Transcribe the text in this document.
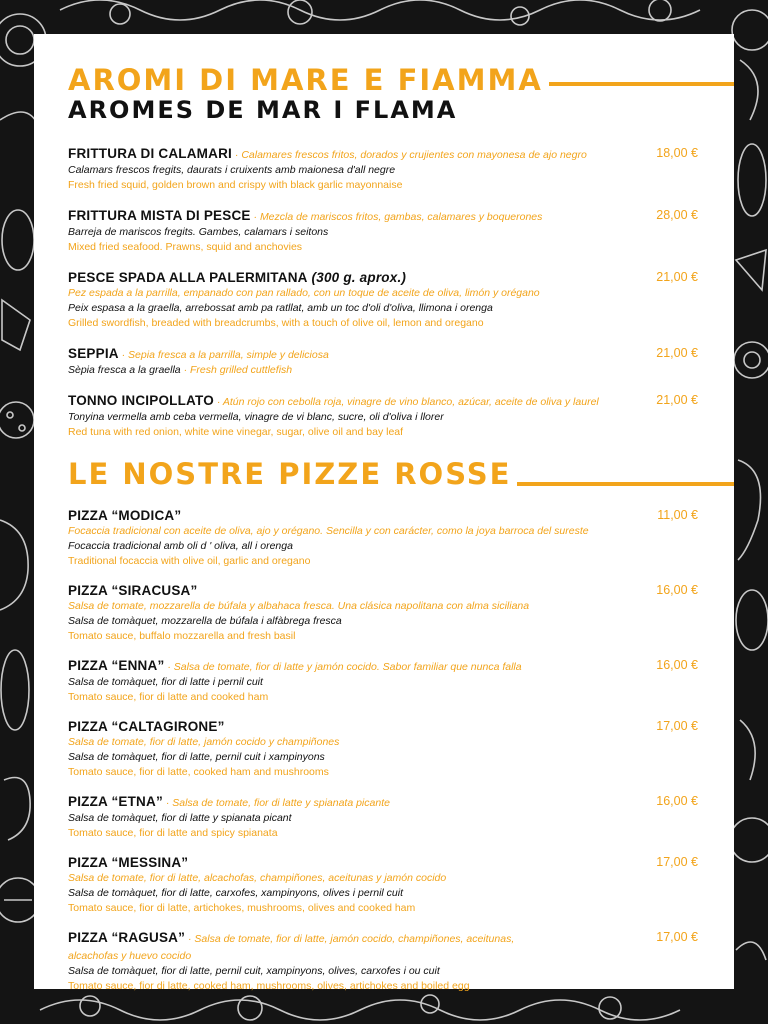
AROMI DI MARE E FIAMMA
AROMES DE MAR I FLAMA
FRITTURA DI CALAMARI · Calamares frescos fritos, dorados y crujientes con mayonesa de ajo negro
Calamars frescos fregits, daurats i cruixents amb maionesa d'all negre
Fresh fried squid, golden brown and crispy with black garlic mayonnaise
18,00 €
FRITTURA MISTA DI PESCE · Mezcla de mariscos fritos, gambas, calamares y boquerones
Barreja de mariscos fregits. Gambes, calamars i seitons
Mixed fried seafood. Prawns, squid and anchovies
28,00 €
PESCE SPADA ALLA PALERMITANA (300 g. aprox.)
Pez espada a la parrilla, empanado con pan rallado, con un toque de aceite de oliva, limón y orégano
Peix espasa a la graella, arrebossat amb pa ratllat, amb un toc d'oli d'oliva, llimona i orenga
Grilled swordfish, breaded with breadcrumbs, with a touch of olive oil, lemon and oregano
21,00 €
SEPPIA · Sepia fresca a la parrilla, simple y deliciosa
Sèpia fresca a la graella · Fresh grilled cuttlefish
21,00 €
TONNO INCIPOLLATO · Atún rojo con cebolla roja, vinagre de vino blanco, azúcar, aceite de oliva y laurel
Tonyina vermella amb ceba vermella, vinagre de vi blanc, sucre, oli d'oliva i llorer
Red tuna with red onion, white wine vinegar, sugar, olive oil and bay leaf
21,00 €
LE NOSTRE PIZZE ROSSE
PIZZA “MODICA”
Focaccia tradicional con aceite de oliva, ajo y orégano. Sencilla y con carácter, como la joya barroca del sureste
Focaccia tradicional amb oli d ' oliva, all i orenga
Traditional focaccia with olive oil, garlic and oregano
11,00 €
PIZZA “SIRACUSA”
Salsa de tomate, mozzarella de búfala y albahaca fresca. Una clásica napolitana con alma siciliana
Salsa de tomàquet, mozzarella de búfala i alfàbrega fresca
Tomato sauce, buffalo mozzarella and fresh basil
16,00 €
PIZZA “ENNA” · Salsa de tomate, fior di latte y jamón cocido. Sabor familiar que nunca falla
Salsa de tomàquet, fior di latte i pernil cuit
Tomato sauce, fior di latte and cooked ham
16,00 €
PIZZA “CALTAGIRONE”
Salsa de tomate, fior di latte, jamón cocido y champiñones
Salsa de tomàquet, fior di latte, pernil cuit i xampinyons
Tomato sauce, fior di latte, cooked ham and mushrooms
17,00 €
PIZZA “ETNA” · Salsa de tomate, fior di latte y spianata picante
Salsa de tomàquet, fior di latte y spianata picant
Tomato sauce, fior di latte and spicy spianata
16,00 €
PIZZA “MESSINA”
Salsa de tomate, fior di latte, alcachofas, champiñones, aceitunas y jamón cocido
Salsa de tomàquet, fior di latte, carxofes, xampinyons, olives i pernil cuit
Tomato sauce, fior di latte, artichokes, mushrooms, olives and cooked ham
17,00 €
PIZZA “RAGUSA” · Salsa de tomate, fior di latte, jamón cocido, champiñones, aceitunas, alcachofas y huevo cocido
Salsa de tomàquet, fior di latte, pernil cuit, xampinyons, olives, carxofes i ou cuit
Tomato sauce, fior di latte, cooked ham, mushrooms, olives, artichokes and boiled egg
17,00 €
